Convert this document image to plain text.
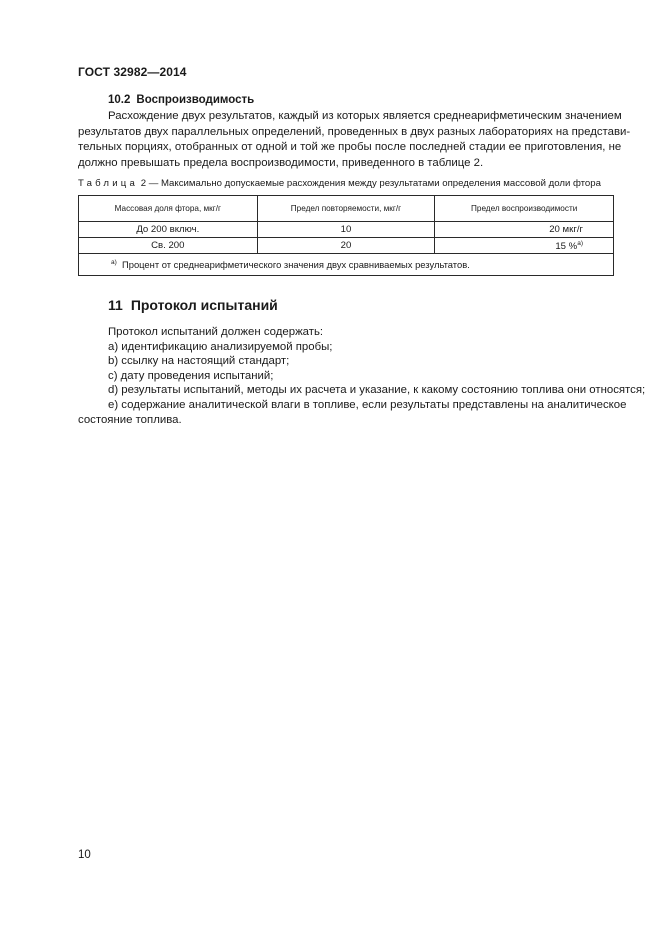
ГОСТ 32982—2014
10.2 Воспроизводимость
Расхождение двух результатов, каждый из которых является среднеарифметическим значением
результатов двух параллельных определений, проведенных в двух разных лабораториях на представи-
тельных порциях, отобранных от одной и той же пробы после последней стадии ее приготовления, не
должно превышать предела воспроизводимости, приведенного в таблице 2.
Таблица 2 — Максимально допускаемые расхождения между результатами определения массовой доли фтора
Массовая доля фтора, мкг/г	Предел повторяемости, мкг/г	Предел воспроизводимости
До 200 включ.	10	20 мкг/г
Св. 200	20	15 %$^{а)}$
$^{а)}$ Процент от среднеарифметического значения двух сравниваемых результатов.		
11 Протокол испытаний
Протокол испытаний должен содержать:
a) идентификацию анализируемой пробы;
b) ссылку на настоящий стандарт;
c) дату проведения испытаний;
d) результаты испытаний, методы их расчета и указание, к какому состоянию топлива они относятся;
e) содержание аналитической влаги в топливе, если результаты представлены на аналитическое
состояние топлива.
10
